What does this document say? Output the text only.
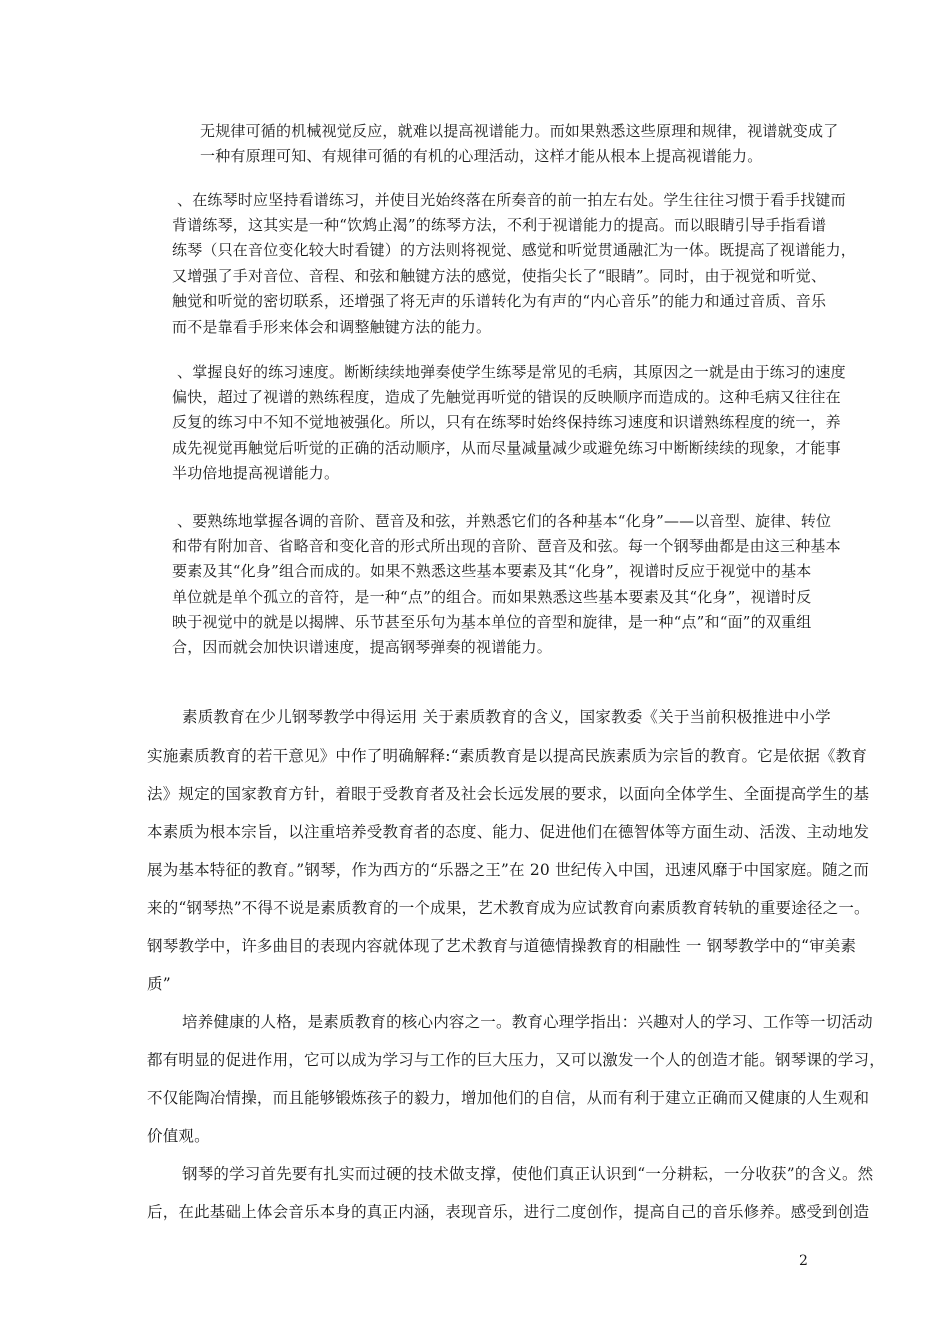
无规律可循的机械视觉反应，就难以提高视谱能力。而如果熟悉这些原理和规律，视谱就变成了
一种有原理可知、有规律可循的有机的心理活动，这样才能从根本上提高视谱能力。
、在练琴时应坚持看谱练习，并使目光始终落在所奏音的前一拍左右处。学生往往习惯于看手找键而
背谱练琴，这其实是一种“饮鸩止渴”的练琴方法，不利于视谱能力的提高。而以眼睛引导手指看谱
练琴（只在音位变化较大时看键）的方法则将视觉、感觉和听觉贯通融汇为一体。既提高了视谱能力，
又增强了手对音位、音程、和弦和触键方法的感觉，使指尖长了“眼睛”。同时，由于视觉和听觉、
触觉和听觉的密切联系，还增强了将无声的乐谱转化为有声的“内心音乐”的能力和通过音质、音乐
而不是靠看手形来体会和调整触键方法的能力。
、掌握良好的练习速度。断断续续地弹奏使学生练琴是常见的毛病，其原因之一就是由于练习的速度
偏快，超过了视谱的熟练程度，造成了先触觉再听觉的错误的反映顺序而造成的。这种毛病又往往在
反复的练习中不知不觉地被强化。所以，只有在练琴时始终保持练习速度和识谱熟练程度的统一，养
成先视觉再触觉后听觉的正确的活动顺序，从而尽量减量减少或避免练习中断断续续的现象，才能事
半功倍地提高视谱能力。
、要熟练地掌握各调的音阶、琶音及和弦，并熟悉它们的各种基本“化身”——以音型、旋律、转位
和带有附加音、省略音和变化音的形式所出现的音阶、琶音及和弦。每一个钢琴曲都是由这三种基本
要素及其“化身”组合而成的。如果不熟悉这些基本要素及其“化身”，视谱时反应于视觉中的基本
单位就是单个孤立的音符，是一种“点”的组合。而如果熟悉这些基本要素及其“化身”，视谱时反
映于视觉中的就是以揭牌、乐节甚至乐句为基本单位的音型和旋律，是一种“点”和“面”的双重组
合，因而就会加快识谱速度，提高钢琴弹奏的视谱能力。
素质教育在少儿钢琴教学中得运用 关于素质教育的含义，国家教委《关于当前积极推进中小学
实施素质教育的若干意见》中作了明确解释:“素质教育是以提高民族素质为宗旨的教育。它是依据《教育
法》规定的国家教育方针，着眼于受教育者及社会长远发展的要求，以面向全体学生、全面提高学生的基
本素质为根本宗旨，以注重培养受教育者的态度、能力、促进他们在德智体等方面生动、活泼、主动地发
展为基本特征的教育。”钢琴，作为西方的“乐器之王”在 20 世纪传入中国，迅速风靡于中国家庭。随之而
来的“钢琴热”不得不说是素质教育的一个成果，艺术教育成为应试教育向素质教育转轨的重要途径之一。
钢琴教学中，许多曲目的表现内容就体现了艺术教育与道德情操教育的相融性 一 钢琴教学中的“审美素
质”
培养健康的人格，是素质教育的核心内容之一。教育心理学指出：兴趣对人的学习、工作等一切活动
都有明显的促进作用，它可以成为学习与工作的巨大压力，又可以激发一个人的创造才能。钢琴课的学习，
不仅能陶冶情操，而且能够锻炼孩子的毅力，增加他们的自信，从而有利于建立正确而又健康的人生观和
价值观。
钢琴的学习首先要有扎实而过硬的技术做支撑，使他们真正认识到“一分耕耘，一分收获”的含义。然
后，在此基础上体会音乐本身的真正内涵，表现音乐，进行二度创作，提高自己的音乐修养。感受到创造
2
